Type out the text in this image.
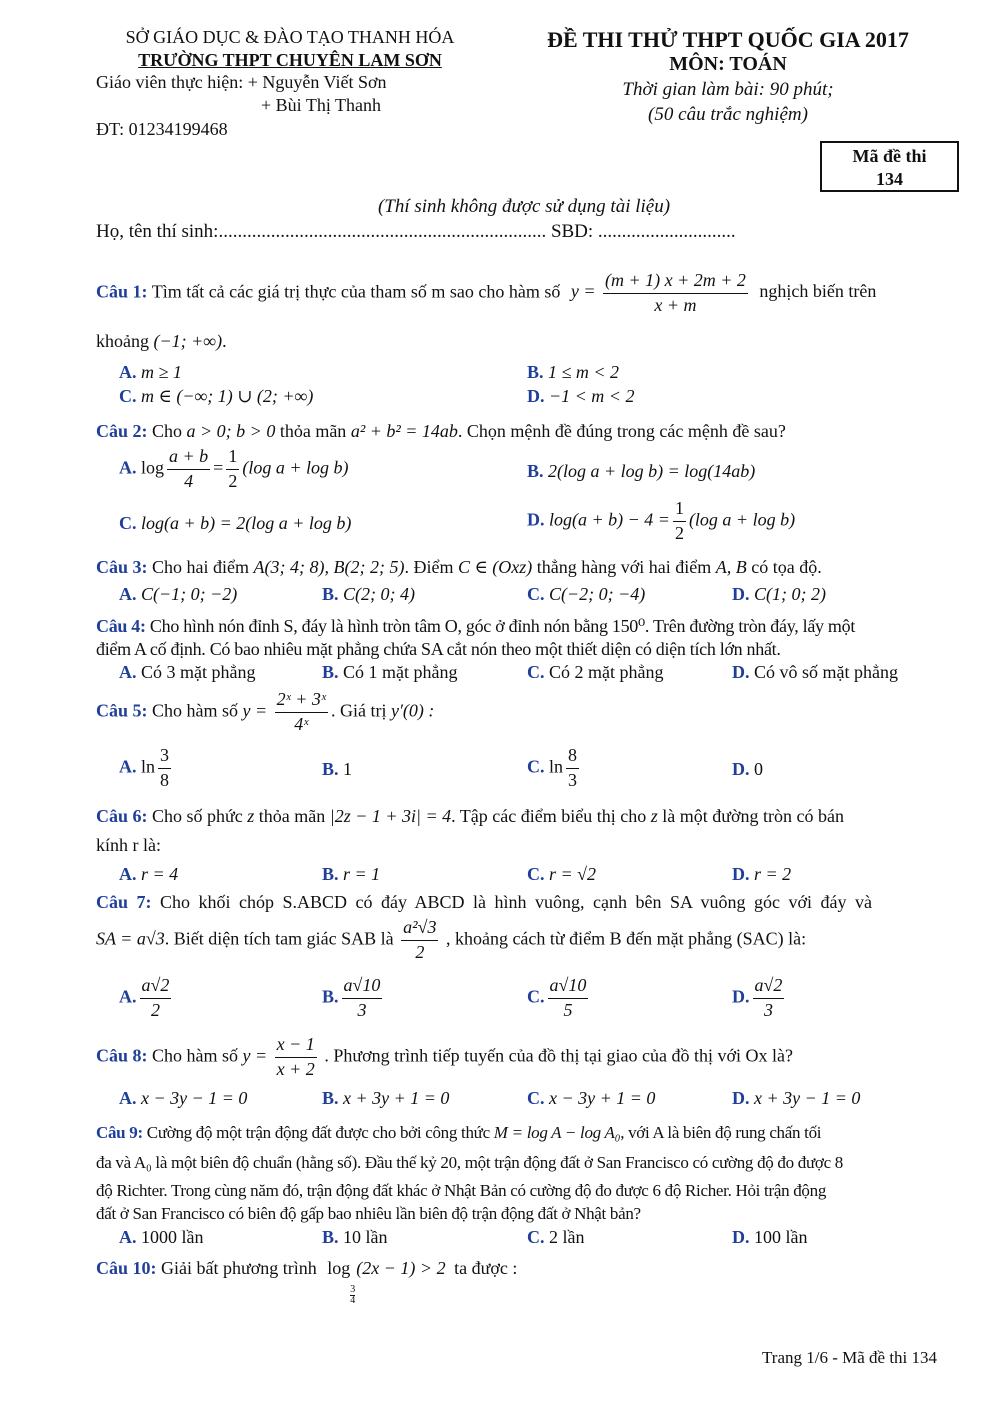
SỞ GIÁO DỤC & ĐÀO TẠO THANH HÓA
TRƯỜNG THPT CHUYÊN LAM SƠN
Giáo viên thực hiện: + Nguyễn Viết Sơn
+ Bùi Thị Thanh
ĐT: 01234199468
ĐỀ THI THỬ THPT QUỐC GIA 2017
MÔN: TOÁN
Thời gian làm bài: 90 phút;
(50 câu trắc nghiệm)
Mã đề thi
134
(Thí sinh không được sử dụng tài liệu)
Họ, tên thí sinh:..................................................................... SBD: .............................
Câu 1: Tìm tất cả các giá trị thực của tham số m sao cho hàm số $y = \frac{(m + 1) x + 2m + 2}{x + m}$ nghịch biến trên
khoảng (−1; +∞).
A. m ≥ 1	B. 1 ≤ m < 2
C. m ∈ (−∞; 1) ∪ (2; +∞)	D. −1 < m < 2
Câu 2: Cho a > 0; b > 0 thỏa mãn a² + b² = 14ab. Chọn mệnh đề đúng trong các mệnh đề sau?
A. $\log \frac{a + b}{4} = \frac{1}{2} (\log$ a + log b)	B. 2(log a + log b) = log(14ab)
C. log(a + b) = 2(log a + log b)	D. $\log(a + b) - 4 = \frac{1}{2} (\log$ a + log b)
Câu 3: Cho hai điểm A(3; 4; 8), B(2; 2; 5). Điểm C ∈ (Oxz) thẳng hàng với hai điểm A, B có tọa độ.
A. C(−1; 0; −2)	B. C(2; 0; 4)	C. C(−2; 0; −4)	D. C(1; 0; 2)
Câu 4: Cho hình nón đỉnh S, đáy là hình tròn tâm O, góc ở đỉnh nón bằng 150⁰. Trên đường tròn đáy, lấy một
điểm A cố định. Có bao nhiêu mặt phẳng chứa SA cắt nón theo một thiết diện có diện tích lớn nhất.
A. Có 3 mặt phẳng	B. Có 1 mặt phẳng	C. Có 2 mặt phẳng	D. Có vô số mặt phẳng
Câu 5: Cho hàm số $y = \frac{\text{2ˣ + 3ˣ}}{\text{4ˣ}}$ . Giá trị y′(0) :
A. $\ln \frac{3}{8}$	B. 1	C. $\ln \frac{8}{3}$	D. 0
Câu 6: Cho số phức z thỏa mãn |2z − 1 + 3i| = 4. Tập các điểm biểu thị cho z là một đường tròn có bán
kính r là:
A. r = 4	B. r = 1	C. r = √2	D. r = 2
Câu 7: Cho khối chóp S.ABCD có đáy ABCD là hình vuông, cạnh bên SA vuông góc với đáy và
SA = a√3. Biết diện tích tam giác SAB là $\frac{\text{a²√3}}{2}$ , khoảng cách từ điểm B đến mặt phẳng (SAC) là:
A. $\frac{a√2}{2}$	B. $\frac{a√10}{3}$	C. $\frac{a√10}{5}$	D. $\frac{a√2}{3}$
Câu 8: Cho hàm số $y = \frac{x - 1}{x + 2}$ . Phương trình tiếp tuyến của đồ thị tại giao của đồ thị với Ox là?
A. x − 3y − 1 = 0	B. x + 3y + 1 = 0	C. x − 3y + 1 = 0	D. x + 3y − 1 = 0
Câu 9: Cường độ một trận động đất được cho bởi công thức M = log A − log A₀, với A là biên độ rung chấn tối
đa và A₀ là một biên độ chuẩn (hằng số). Đầu thế kỷ 20, một trận động đất ở San Francisco có cường độ đo được 8
độ Richter. Trong cùng năm đó, trận động đất khác ở Nhật Bản có cường độ đo được 6 độ Richer. Hỏi trận động
đất ở San Francisco có biên độ gấp bao nhiêu lần biên độ trận động đất ở Nhật bản?
A. 1000 lần	B. 10 lần	C. 2 lần	D. 100 lần
Câu 10: Giải bất phương trình log
$\frac{3}{4}$
(2x − 1) > 2 ta được :
Trang 1/6 - Mã đề thi 134
